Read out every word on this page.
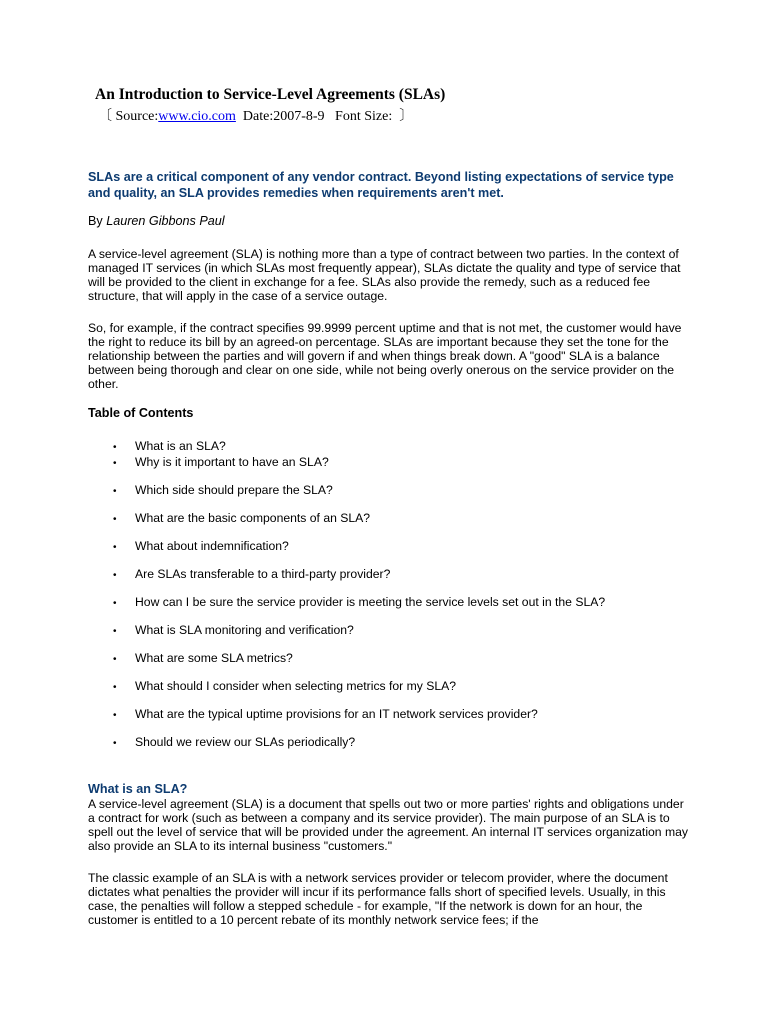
An Introduction to Service-Level Agreements (SLAs)
〔 Source:www.cio.com  Date:2007-8-9   Font Size:  〕
SLAs are a critical component of any vendor contract. Beyond listing expectations of service type and quality, an SLA provides remedies when requirements aren't met.
By Lauren Gibbons Paul
A service-level agreement (SLA) is nothing more than a type of contract between two parties. In the context of managed IT services (in which SLAs most frequently appear), SLAs dictate the quality and type of service that will be provided to the client in exchange for a fee. SLAs also provide the remedy, such as a reduced fee structure, that will apply in the case of a service outage.
So, for example, if the contract specifies 99.9999 percent uptime and that is not met, the customer would have the right to reduce its bill by an agreed-on percentage. SLAs are important because they set the tone for the relationship between the parties and will govern if and when things break down. A "good" SLA is a balance between being thorough and clear on one side, while not being overly onerous on the service provider on the other.
Table of Contents
• What is an SLA?
• Why is it important to have an SLA?
• Which side should prepare the SLA?
• What are the basic components of an SLA?
• What about indemnification?
• Are SLAs transferable to a third-party provider?
• How can I be sure the service provider is meeting the service levels set out in the SLA?
• What is SLA monitoring and verification?
• What are some SLA metrics?
• What should I consider when selecting metrics for my SLA?
• What are the typical uptime provisions for an IT network services provider?
• Should we review our SLAs periodically?
What is an SLA?
A service-level agreement (SLA) is a document that spells out two or more parties' rights and obligations under a contract for work (such as between a company and its service provider). The main purpose of an SLA is to spell out the level of service that will be provided under the agreement. An internal IT services organization may also provide an SLA to its internal business "customers."
The classic example of an SLA is with a network services provider or telecom provider, where the document dictates what penalties the provider will incur if its performance falls short of specified levels. Usually, in this case, the penalties will follow a stepped schedule - for example, "If the network is down for an hour, the customer is entitled to a 10 percent rebate of its monthly network service fees; if the
